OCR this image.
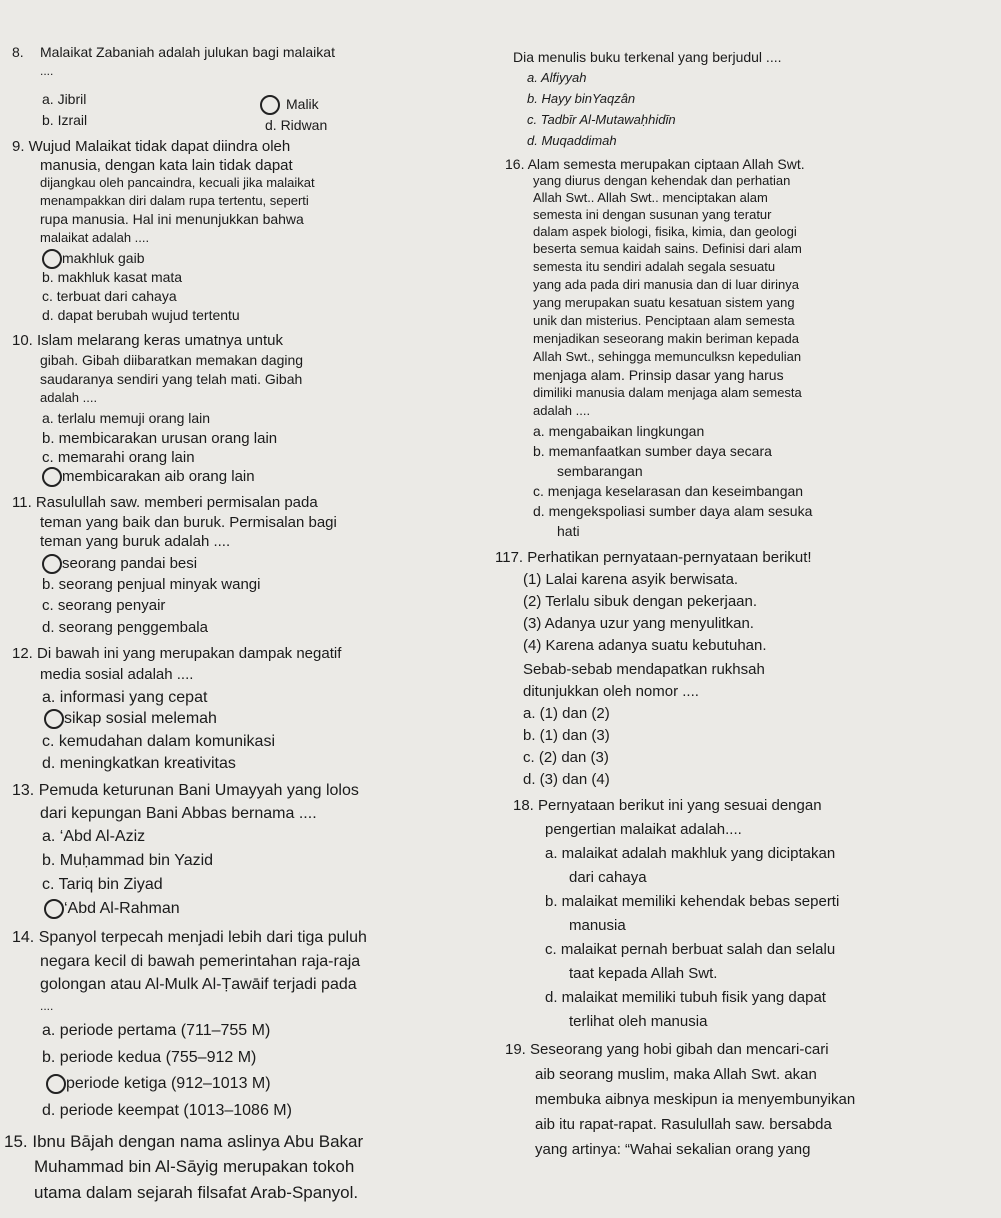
8. Malaikat Zabaniah adalah julukan bagi malaikat
....
a. Jibril	Malik
b. Izrail	d. Ridwan
9. Wujud Malaikat tidak dapat diindra oleh
manusia, dengan kata lain tidak dapat
dijangkau oleh pancaindra, kecuali jika malaikat
menampakkan diri dalam rupa tertentu, seperti
rupa manusia. Hal ini menunjukkan bahwa
malaikat adalah ....
makhluk gaib
b. makhluk kasat mata
c. terbuat dari cahaya
d. dapat berubah wujud tertentu
10. Islam melarang keras umatnya untuk
gibah. Gibah diibaratkan memakan daging
saudaranya sendiri yang telah mati. Gibah
adalah ....
a. terlalu memuji orang lain
b. membicarakan urusan orang lain
c. memarahi orang lain
membicarakan aib orang lain
11. Rasulullah saw. memberi permisalan pada
teman yang baik dan buruk. Permisalan bagi
teman yang buruk adalah ....
seorang pandai besi
b. seorang penjual minyak wangi
c. seorang penyair
d. seorang penggembala
12. Di bawah ini yang merupakan dampak negatif
media sosial adalah ....
a. informasi yang cepat
sikap sosial melemah
c. kemudahan dalam komunikasi
d. meningkatkan kreativitas
13. Pemuda keturunan Bani Umayyah yang lolos
dari kepungan Bani Abbas bernama ....
a. ‘Abd Al-Aziz
b. Muḥammad bin Yazid
c. Tariq bin Ziyad
‘Abd Al-Rahman
14. Spanyol terpecah menjadi lebih dari tiga puluh
negara kecil di bawah pemerintahan raja-raja
golongan atau Al-Mulk Al-Ṭawāif terjadi pada
....
a. periode pertama (711–755 M)
b. periode kedua (755–912 M)
periode ketiga (912–1013 M)
d. periode keempat (1013–1086 M)
15. Ibnu Bājah dengan nama aslinya Abu Bakar
Muhammad bin Al-Sāyig merupakan tokoh
utama dalam sejarah filsafat Arab-Spanyol.
Dia menulis buku terkenal yang berjudul ....
a. Alfiyyah
b. Hayy binYaqzân
c. Tadbīr Al-Mutawaḥhidīn
d. Muqaddimah
16. Alam semesta merupakan ciptaan Allah Swt.
yang diurus dengan kehendak dan perhatian
Allah Swt.. Allah Swt.. menciptakan alam
semesta ini dengan susunan yang teratur
dalam aspek biologi, fisika, kimia, dan geologi
beserta semua kaidah sains. Definisi dari alam
semesta itu sendiri adalah segala sesuatu
yang ada pada diri manusia dan di luar dirinya
yang merupakan suatu kesatuan sistem yang
unik dan misterius. Penciptaan alam semesta
menjadikan seseorang makin beriman kepada
Allah Swt., sehingga memunculksn kepedulian
menjaga alam. Prinsip dasar yang harus
dimiliki manusia dalam menjaga alam semesta
adalah ....
a. mengabaikan lingkungan
b. memanfaatkan sumber daya secara
sembarangan
c. menjaga keselarasan dan keseimbangan
d. mengekspoliasi sumber daya alam sesuka
hati
117. Perhatikan pernyataan-pernyataan berikut!
(1) Lalai karena asyik berwisata.
(2) Terlalu sibuk dengan pekerjaan.
(3) Adanya uzur yang menyulitkan.
(4) Karena adanya suatu kebutuhan.
Sebab-sebab mendapatkan rukhsah
ditunjukkan oleh nomor ....
a. (1) dan (2)
b. (1) dan (3)
c. (2) dan (3)
d. (3) dan (4)
18. Pernyataan berikut ini yang sesuai dengan
pengertian malaikat adalah....
a. malaikat adalah makhluk yang diciptakan
dari cahaya
b. malaikat memiliki kehendak bebas seperti
manusia
c. malaikat pernah berbuat salah dan selalu
taat kepada Allah Swt.
d. malaikat memiliki tubuh fisik yang dapat
terlihat oleh manusia
19. Seseorang yang hobi gibah dan mencari-cari
aib seorang muslim, maka Allah Swt. akan
membuka aibnya meskipun ia menyembunyikan
aib itu rapat-rapat. Rasulullah saw. bersabda
yang artinya: “Wahai sekalian orang yang
